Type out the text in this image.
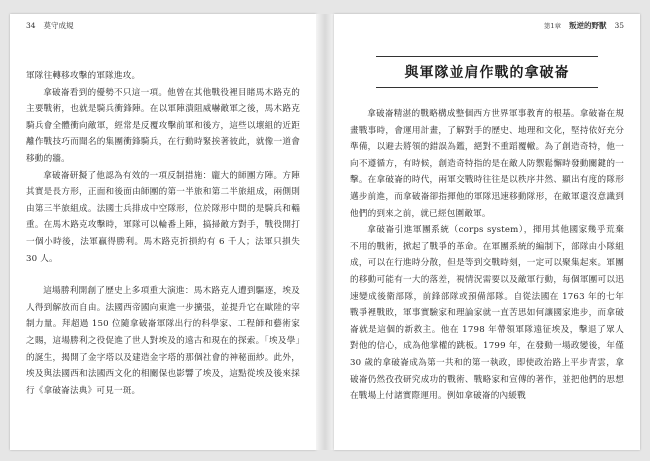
34 莫守成規

軍隊往轉移攻擊的軍隊進攻。

拿破崙看到的優勢不只這一項。他曾在其他戰役裡目睹馬木路克的主要戰術，也就是騎兵衝鋒陣。在以軍陣潰阻威嚇敵軍之後，馬木路克騎兵會全體衝向敵軍，經常是反覆攻擊前軍和後方，這些以壞組的近距離作戰技巧而聞名的集團衝鋒騎兵，在行動時緊挨著彼此，就像一道會移動的牆。

拿破崙研擬了他認為有效的一項反制措施：龐大的師團方陣。方陣其實是長方形，正面和後面由師團的第一半旅和第二半旅組成，兩側則由第三半旅組成。法國士兵排成中空隊形，位於隊形中間的是騎兵和輜重。在馬木路克攻擊時，軍隊可以輪番上陣，搞掃敵方對手，戰役開打一個小時後，法軍贏得勝利。馬木路克折損約有 6 千人；法軍只損失 30 人。

這場勝利開創了歷史上多項重大演進：馬木路克人遭到驅逐，埃及人得到解放而自由。法國西帝國向東進一步擴張，並提升它在歐陸的宰制力量。拜超過 150 位隨拿破崙軍隊出行的科學家、工程師和藝術家之賜，這場勝利之役促進了世人對埃及的遠古和現在的探索。「埃及學」的誕生，揭開了金字塔以及建造金字塔的那個社會的神秘面紗。此外，埃及與法國西和法國西文化的相關保也影響了埃及，這點從埃及後來採行《拿破崙法典》可見一斑。

第1章 叛逆的野獸 35
與軍隊並肩作戰的拿破崙

拿破崙精湛的戰略構成整個西方世界軍事教育的根基。拿破崙在規畫戰事時，會運用計畫，了解對手的歷史、地理和文化，堅持依好充分準備，以避去將領的錯誤為鑑，絕對不重蹈覆轍。為了創造奇特，他一向不遵循方，有時候，創造奇特指的是在敵人防禦鬆懈時發動關鍵的一擊。在拿破崙的時代，兩軍交戰時往往是以秩序井然、顯出有度的隊形邁步前進，而拿破崙卻指揮他的軍隊迅速移動隊形，在敵軍還沒意識到他們的到來之前，就已經包圍敵軍。

拿破崙引進軍團系統（corps system），揮用其他國家幾乎荒棄不用的戰術，掀起了戰爭的革命。在軍團系統的編制下，部隊由小隊組成，可以在行進時分散，但是等到交戰時刻，一定可以聚集起來。軍團的移動可能有一大的落差，視情況需要以及敵軍行動，每個軍團可以迅速變成後衛部隊，前鋒部隊或預備部隊。自從法國在 1763 年的七年戰爭裡戰敗，軍事實驗家和理論家就一直苦思如何讓國家進步，而拿破崙就是這個的新救主。他在 1798 年帶領軍隊遠征埃及，擊退了眾人對他的信心，成為他掌權的跳板。1799 年，在發動一場政變後，年僅 30 歲的拿破崙成為第一共和的第一執政，即使政治路上平步青雲，拿破崙仍然孜孜研究成功的戰術、戰略家和宣傳的著作，並把他們的思想在戰場上付諸實際運用。例如拿破崙的內緩戰
